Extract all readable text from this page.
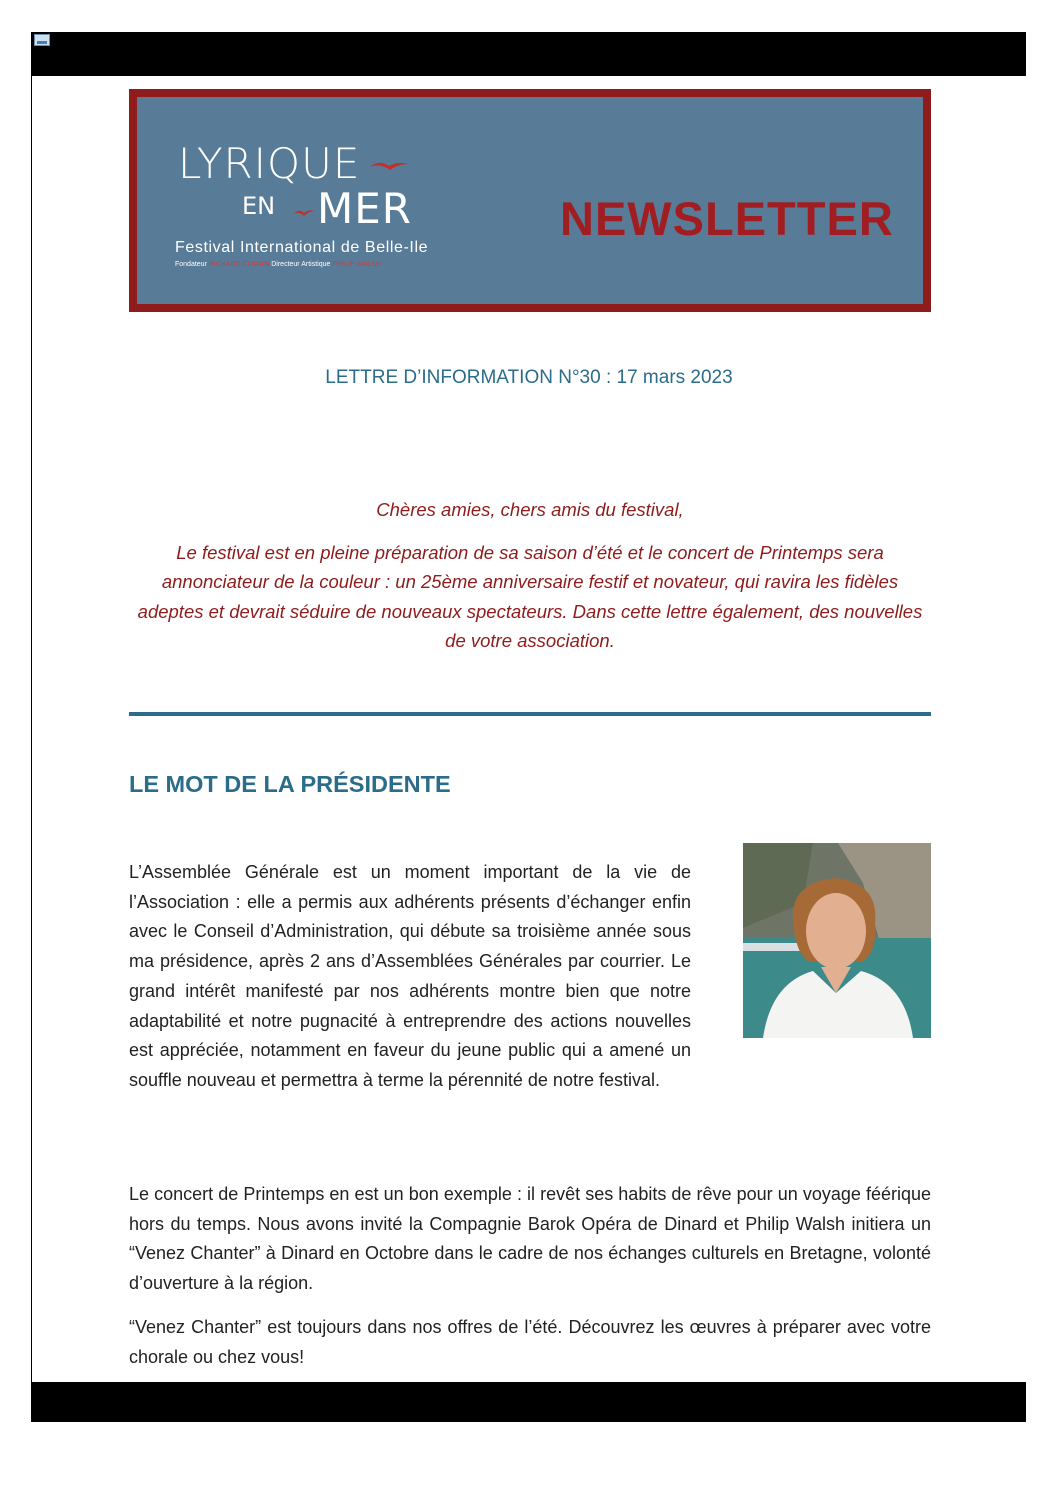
LYRIQUE
EN MER
Festival International de Belle-Ile
Fondateur RICHARD COWAN Directeur Artistique PHILIP WALSH
NEWSLETTER
LETTRE D’INFORMATION N°30 : 17 mars 2023

Chères amies, chers amis du festival,

Le festival est en pleine préparation de sa saison d’été et le concert de Printemps sera annonciateur de la couleur : un 25ème anniversaire festif et novateur, qui ravira les fidèles adeptes et devrait séduire de nouveaux spectateurs. Dans cette lettre également, des nouvelles de votre association.

LE MOT DE LA PRÉSIDENTE

L’Assemblée Générale est un moment important de la vie de l’Association : elle a permis aux adhérents présents d’échanger enfin avec le Conseil d’Administration, qui débute sa troisième année sous ma présidence, après 2 ans d’Assemblées Générales par courrier. Le grand intérêt manifesté par nos adhérents montre bien que notre adaptabilité et notre pugnacité à entreprendre des actions nouvelles est appréciée, notamment en faveur du jeune public qui a amené un souffle nouveau et permettra à terme la pérennité de notre festival.

Le concert de Printemps en est un bon exemple : il revêt ses habits de rêve pour un voyage féérique hors du temps. Nous avons invité la Compagnie Barok Opéra de Dinard et Philip Walsh initiera un “Venez Chanter” à Dinard en Octobre dans le cadre de nos échanges culturels en Bretagne, volonté d’ouverture à la région.

“Venez Chanter” est toujours dans nos offres de l’été. Découvrez les œuvres à préparer avec votre chorale ou chez vous!
